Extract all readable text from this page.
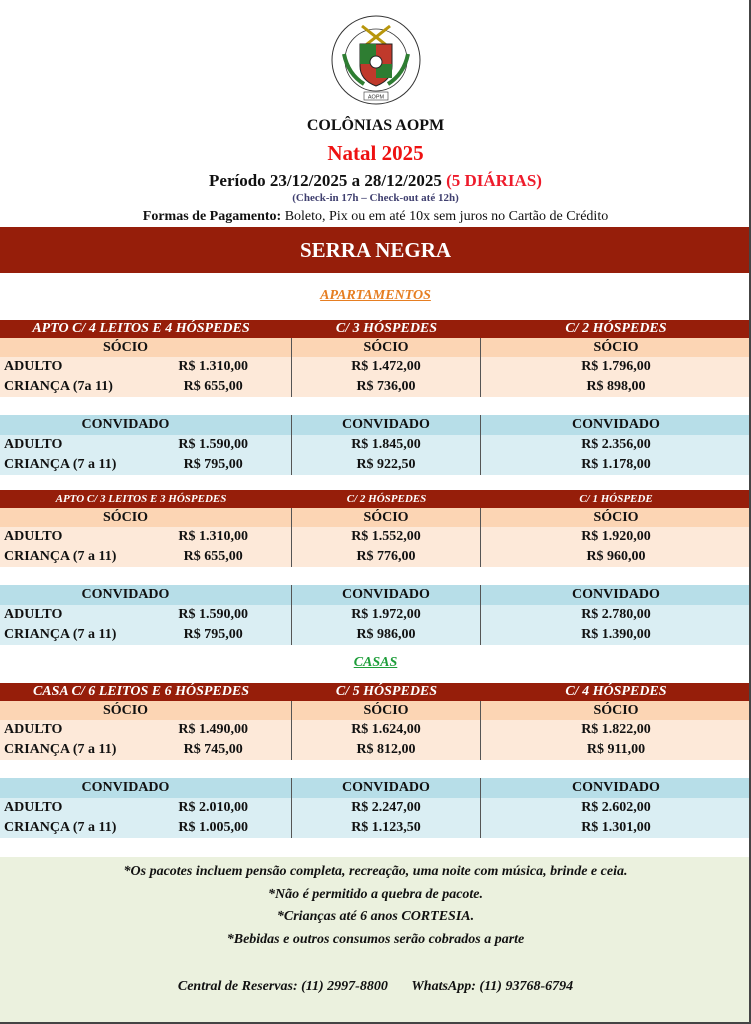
AOPM
COLÔNIAS AOPM
Natal 2025
Período 23/12/2025 a 28/12/2025 (5 DIÁRIAS)
(Check-in 17h – Check-out até 12h)
Formas de Pagamento: Boleto, Pix ou em até 10x sem juros no Cartão de Crédito
SERRA NEGRA
APARTAMENTOS
APTO C/ 4 LEITOS E 4 HÓSPEDES	C/ 3 HÓSPEDES	C/ 2 HÓSPEDES
SÓCIO	SÓCIO	SÓCIO
ADULTO	R$ 1.310,00	R$ 1.472,00	R$ 1.796,00
CRIANÇA (7a 11)	R$ 655,00	R$ 736,00	R$ 898,00
CONVIDADO	CONVIDADO	CONVIDADO
ADULTO	R$ 1.590,00	R$ 1.845,00	R$ 2.356,00
CRIANÇA (7 a 11)	R$ 795,00	R$ 922,50	R$ 1.178,00
APTO C/ 3 LEITOS E 3 HÓSPEDES	C/ 2 HÓSPEDES	C/ 1 HÓSPEDE
SÓCIO	SÓCIO	SÓCIO
ADULTO	R$ 1.310,00	R$ 1.552,00	R$ 1.920,00
CRIANÇA (7 a 11)	R$ 655,00	R$ 776,00	R$ 960,00
CONVIDADO	CONVIDADO	CONVIDADO
ADULTO	R$ 1.590,00	R$ 1.972,00	R$ 2.780,00
CRIANÇA (7 a 11)	R$ 795,00	R$ 986,00	R$ 1.390,00
CASAS
CASA C/ 6 LEITOS E 6 HÓSPEDES	C/ 5 HÓSPEDES	C/ 4 HÓSPEDES
SÓCIO	SÓCIO	SÓCIO
ADULTO	R$ 1.490,00	R$ 1.624,00	R$ 1.822,00
CRIANÇA (7 a 11)	R$ 745,00	R$ 812,00	R$ 911,00
CONVIDADO	CONVIDADO	CONVIDADO
ADULTO	R$ 2.010,00	R$ 2.247,00	R$ 2.602,00
CRIANÇA (7 a 11)	R$ 1.005,00	R$ 1.123,50	R$ 1.301,00
*Os pacotes incluem pensão completa, recreação, uma noite com música, brinde e ceia.
*Não é permitido a quebra de pacote.
*Crianças até 6 anos CORTESIA.
*Bebidas e outros consumos serão cobrados a parte
Central de Reservas: (11) 2997-8800 WhatsApp: (11) 93768-6794
